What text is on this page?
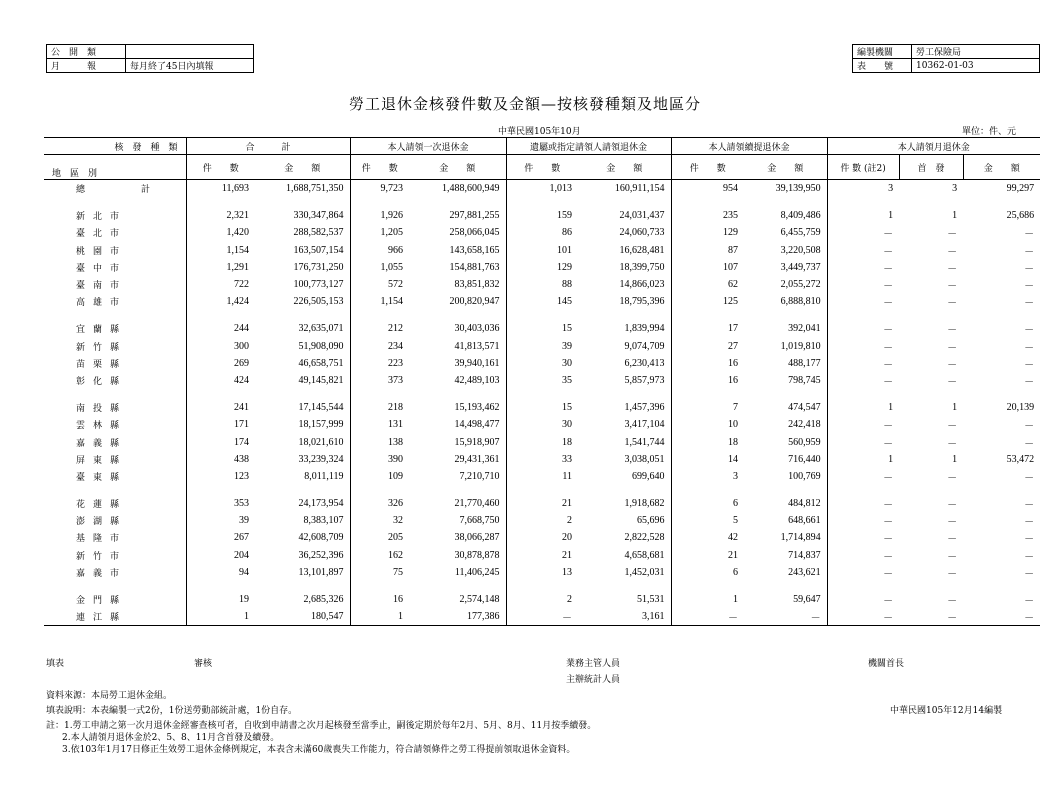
公　開　類	
月　　　報	每月終了45日內填報
編製機關	勞工保險局
表　　號	10362-01-03
勞工退休金核發件數及金額—按核發種類及地區分
中華民國105年10月	單位：件、元
核　發　種　類	合　　　計		本人請領一次退休金		遺屬或指定請領人請領退休金		本人請領續提退休金		本人請領月退休金		
地　區　別	件　　數	金　　額	件　　數	金　　額	件　　數	金　　額	件　　數	金　　額	件 數 (註2)	首　發	金　　額
總計	11,693	1,688,751,350	9,723	1,488,600,949	1,013	160,911,154	954	39,139,950	3	3	99,297

新北市	2,321	330,347,864	1,926	297,881,255	159	24,031,437	235	8,409,486	1	1	25,686
臺北市	1,420	288,582,537	1,205	258,066,045	86	24,060,733	129	6,455,759	－	－	－
桃園市	1,154	163,507,154	966	143,658,165	101	16,628,481	87	3,220,508	－	－	－
臺中市	1,291	176,731,250	1,055	154,881,763	129	18,399,750	107	3,449,737	－	－	－
臺南市	722	100,773,127	572	83,851,832	88	14,866,023	62	2,055,272	－	－	－
高雄市	1,424	226,505,153	1,154	200,820,947	145	18,795,396	125	6,888,810	－	－	－

宜蘭縣	244	32,635,071	212	30,403,036	15	1,839,994	17	392,041	－	－	－
新竹縣	300	51,908,090	234	41,813,571	39	9,074,709	27	1,019,810	－	－	－
苗栗縣	269	46,658,751	223	39,940,161	30	6,230,413	16	488,177	－	－	－
彰化縣	424	49,145,821	373	42,489,103	35	5,857,973	16	798,745	－	－	－

南投縣	241	17,145,544	218	15,193,462	15	1,457,396	7	474,547	1	1	20,139
雲林縣	171	18,157,999	131	14,498,477	30	3,417,104	10	242,418	－	－	－
嘉義縣	174	18,021,610	138	15,918,907	18	1,541,744	18	560,959	－	－	－
屏東縣	438	33,239,324	390	29,431,361	33	3,038,051	14	716,440	1	1	53,472
臺東縣	123	8,011,119	109	7,210,710	11	699,640	3	100,769	－	－	－

花蓮縣	353	24,173,954	326	21,770,460	21	1,918,682	6	484,812	－	－	－
澎湖縣	39	8,383,107	32	7,668,750	2	65,696	5	648,661	－	－	－
基隆市	267	42,608,709	205	38,066,287	20	2,822,528	42	1,714,894	－	－	－
新竹市	204	36,252,396	162	30,878,878	21	4,658,681	21	714,837	－	－	－
嘉義市	94	13,101,897	75	11,406,245	13	1,452,031	6	243,621	－	－	－

金門縣	19	2,685,326	16	2,574,148	2	51,531	1	59,647	－	－	－
連江縣	1	180,547	1	177,386	－	3,161	－	－	－	－	－
填表	審核	業務主管人員
主辦統計人員
機關首長
資料來源：本局勞工退休金組。
填表說明：本表編製一式2份，1份送勞動部統計處，1份自存。	中華民國105年12月14編製
註：1.勞工申請之第一次月退休金經審查核可者，自收到申請書之次月起核發至當季止，嗣後定期於每年2月、5月、8月、11月按季續發。
2.本人請領月退休金於2、5、8、11月含首發及續發。
3.依103年1月17日修正生效勞工退休金條例規定，本表含未滿60歲喪失工作能力，符合請領條件之勞工得提前領取退休金資料。
